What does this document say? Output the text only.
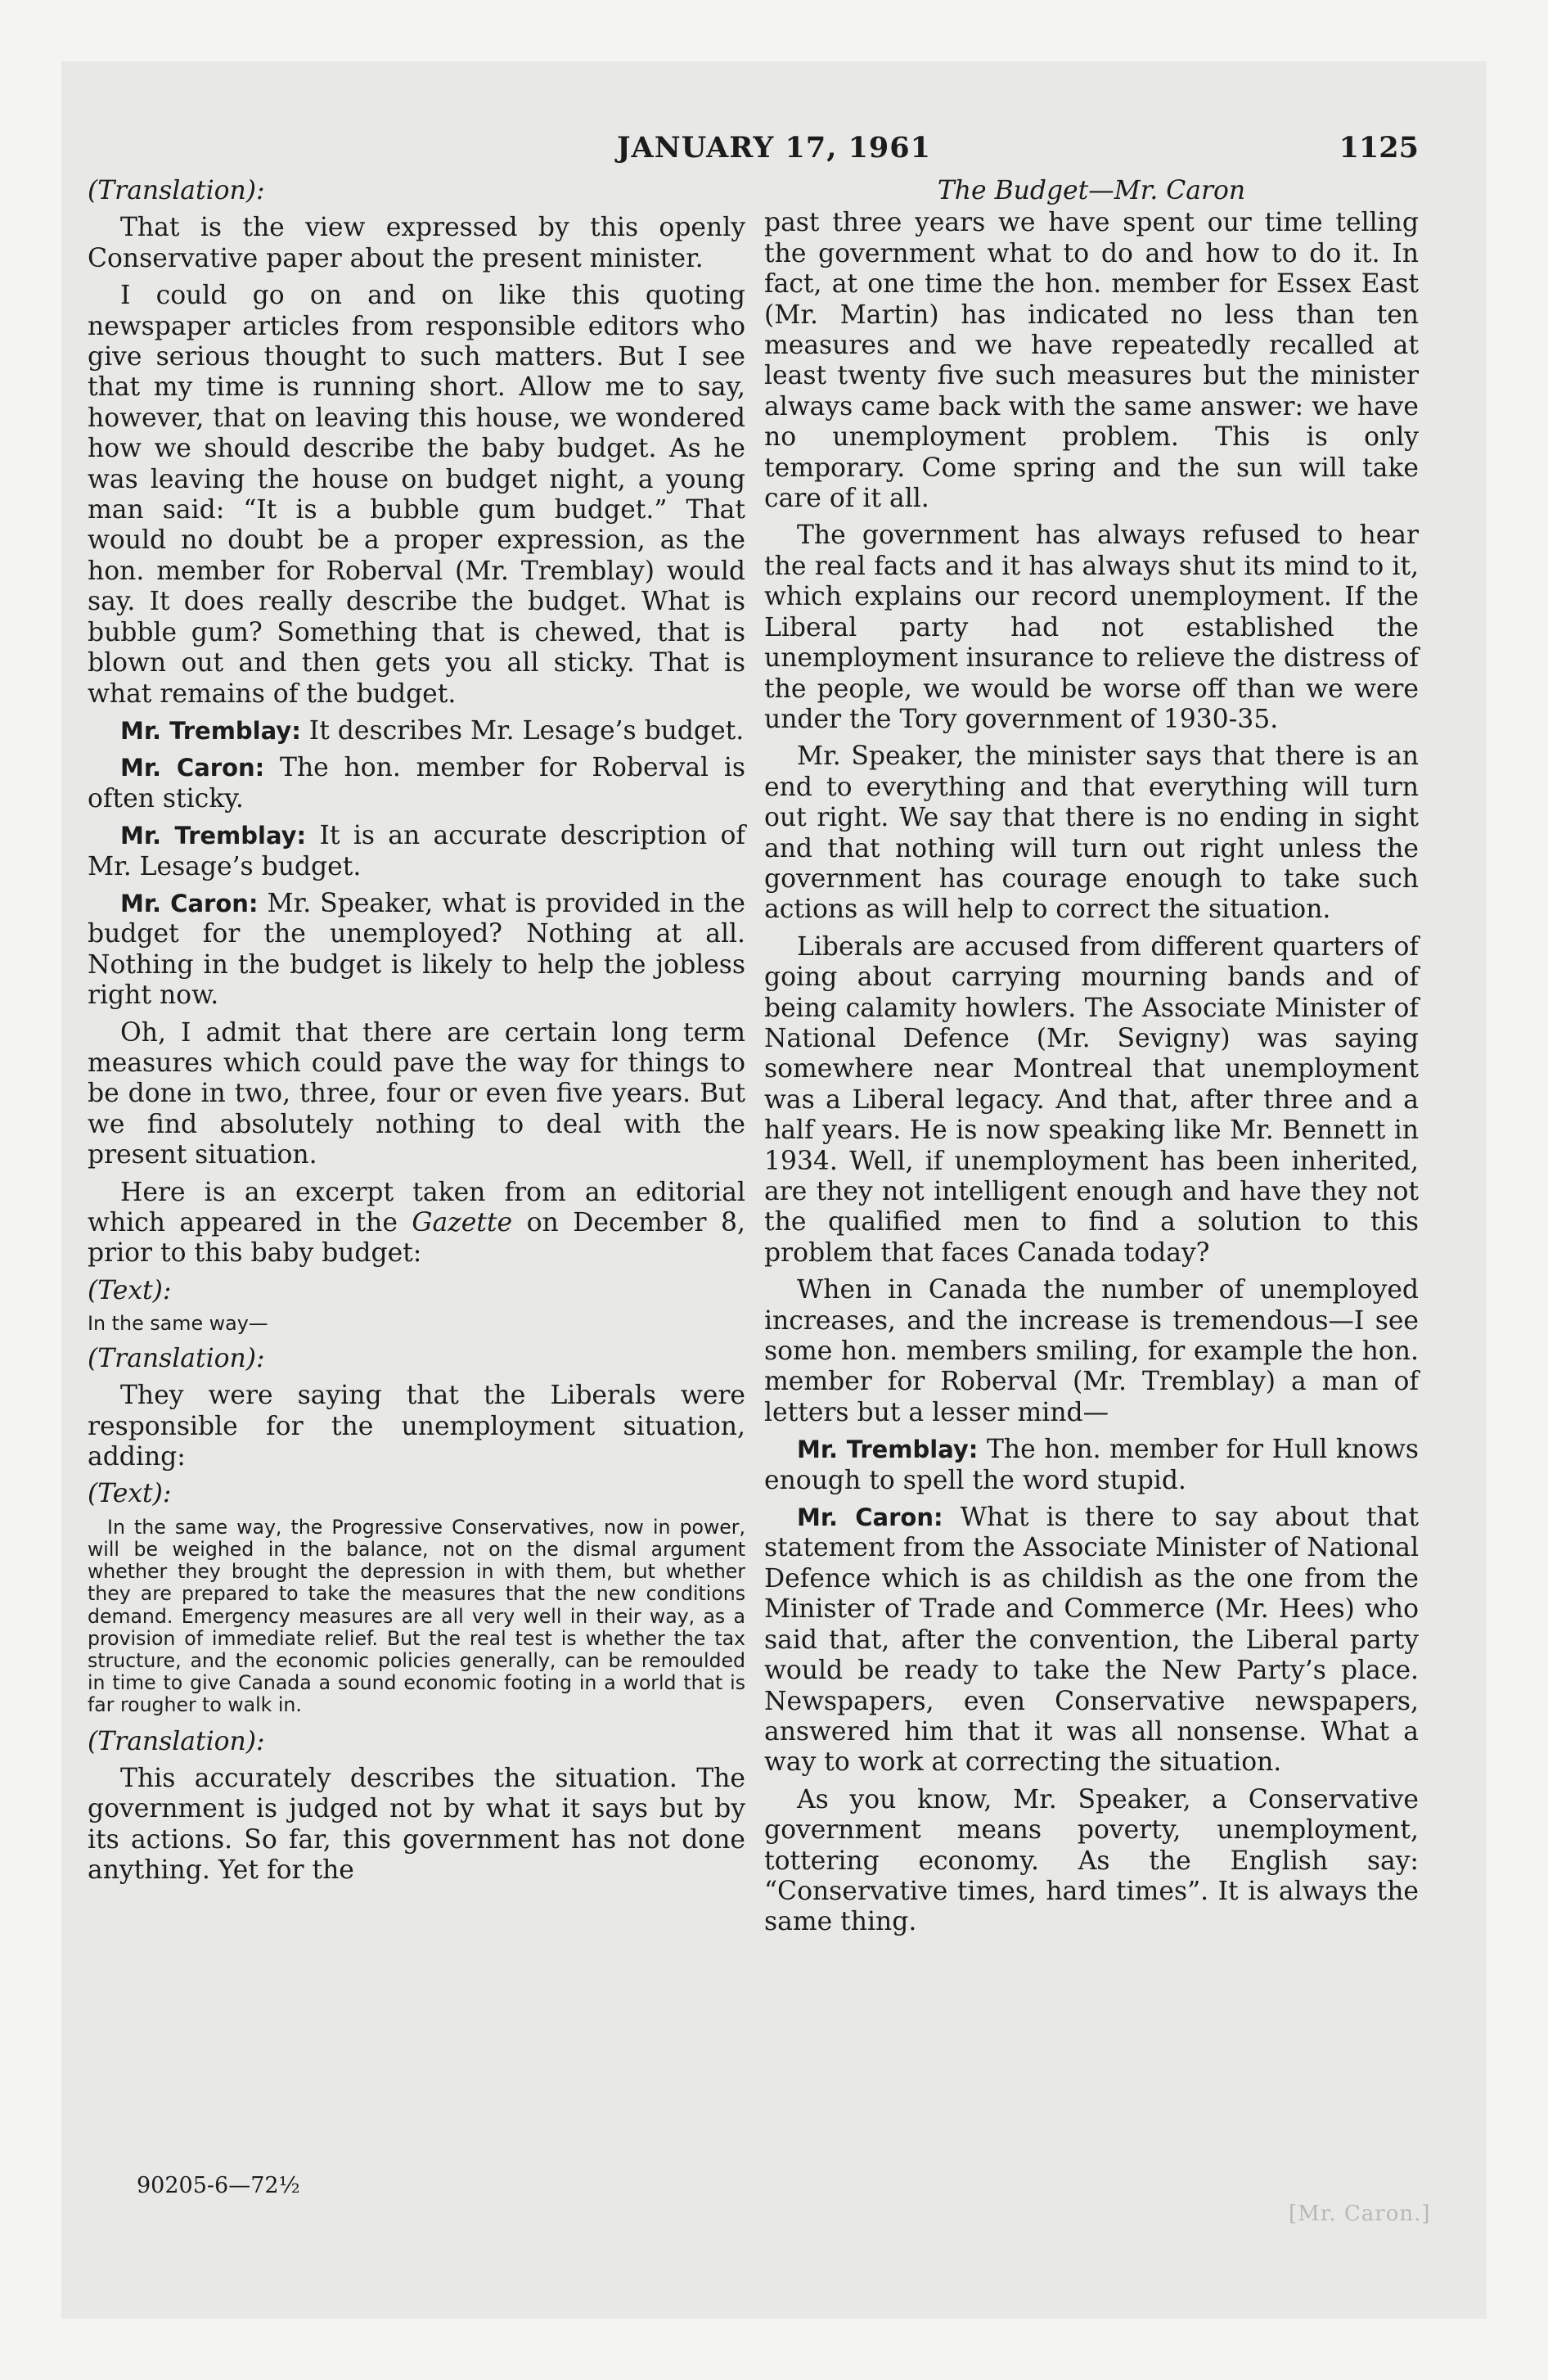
JANUARY 17, 1961	1125

(Translation):

That is the view expressed by this openly Conservative paper about the present minister.

I could go on and on like this quoting newspaper articles from responsible editors who give serious thought to such matters. But I see that my time is running short. Allow me to say, however, that on leaving this house, we wondered how we should describe the baby budget. As he was leaving the house on budget night, a young man said: “It is a bubble gum budget.” That would no doubt be a proper expression, as the hon. member for Roberval (Mr. Tremblay) would say. It does really describe the budget. What is bubble gum? Something that is chewed, that is blown out and then gets you all sticky. That is what remains of the budget.

Mr. Tremblay: It describes Mr. Lesage’s budget.

Mr. Caron: The hon. member for Roberval is often sticky.

Mr. Tremblay: It is an accurate description of Mr. Lesage’s budget.

Mr. Caron: Mr. Speaker, what is provided in the budget for the unemployed? Nothing at all. Nothing in the budget is likely to help the jobless right now.

Oh, I admit that there are certain long term measures which could pave the way for things to be done in two, three, four or even five years. But we find absolutely nothing to deal with the present situation.

Here is an excerpt taken from an editorial which appeared in the Gazette on December 8, prior to this baby budget:

(Text):

In the same way—

(Translation):

They were saying that the Liberals were responsible for the unemployment situation, adding:

(Text):

In the same way, the Progressive Conservatives, now in power, will be weighed in the balance, not on the dismal argument whether they brought the depression in with them, but whether they are prepared to take the measures that the new conditions demand. Emergency measures are all very well in their way, as a provision of immediate relief. But the real test is whether the tax structure, and the economic policies generally, can be remoulded in time to give Canada a sound economic footing in a world that is far rougher to walk in.

(Translation):

This accurately describes the situation. The government is judged not by what it says but by its actions. So far, this government has not done anything. Yet for the

The Budget—Mr. Caron

past three years we have spent our time telling the government what to do and how to do it. In fact, at one time the hon. member for Essex East (Mr. Martin) has indicated no less than ten measures and we have repeatedly recalled at least twenty five such measures but the minister always came back with the same answer: we have no unemployment problem. This is only temporary. Come spring and the sun will take care of it all.

The government has always refused to hear the real facts and it has always shut its mind to it, which explains our record unemployment. If the Liberal party had not established the unemployment insurance to relieve the distress of the people, we would be worse off than we were under the Tory government of 1930-35.

Mr. Speaker, the minister says that there is an end to everything and that everything will turn out right. We say that there is no ending in sight and that nothing will turn out right unless the government has courage enough to take such actions as will help to correct the situation.

Liberals are accused from different quarters of going about carrying mourning bands and of being calamity howlers. The Associate Minister of National Defence (Mr. Sevigny) was saying somewhere near Montreal that unemployment was a Liberal legacy. And that, after three and a half years. He is now speaking like Mr. Bennett in 1934. Well, if unemployment has been inherited, are they not intelligent enough and have they not the qualified men to find a solution to this problem that faces Canada today?

When in Canada the number of unemployed increases, and the increase is tremendous—I see some hon. members smiling, for example the hon. member for Roberval (Mr. Tremblay) a man of letters but a lesser mind—

Mr. Tremblay: The hon. member for Hull knows enough to spell the word stupid.

Mr. Caron: What is there to say about that statement from the Associate Minister of National Defence which is as childish as the one from the Minister of Trade and Commerce (Mr. Hees) who said that, after the convention, the Liberal party would be ready to take the New Party’s place. Newspapers, even Conservative newspapers, answered him that it was all nonsense. What a way to work at correcting the situation.

As you know, Mr. Speaker, a Conservative government means poverty, unemployment, tottering economy. As the English say: “Conservative times, hard times”. It is always the same thing.

90205-6—72½
[Mr. Caron.]
